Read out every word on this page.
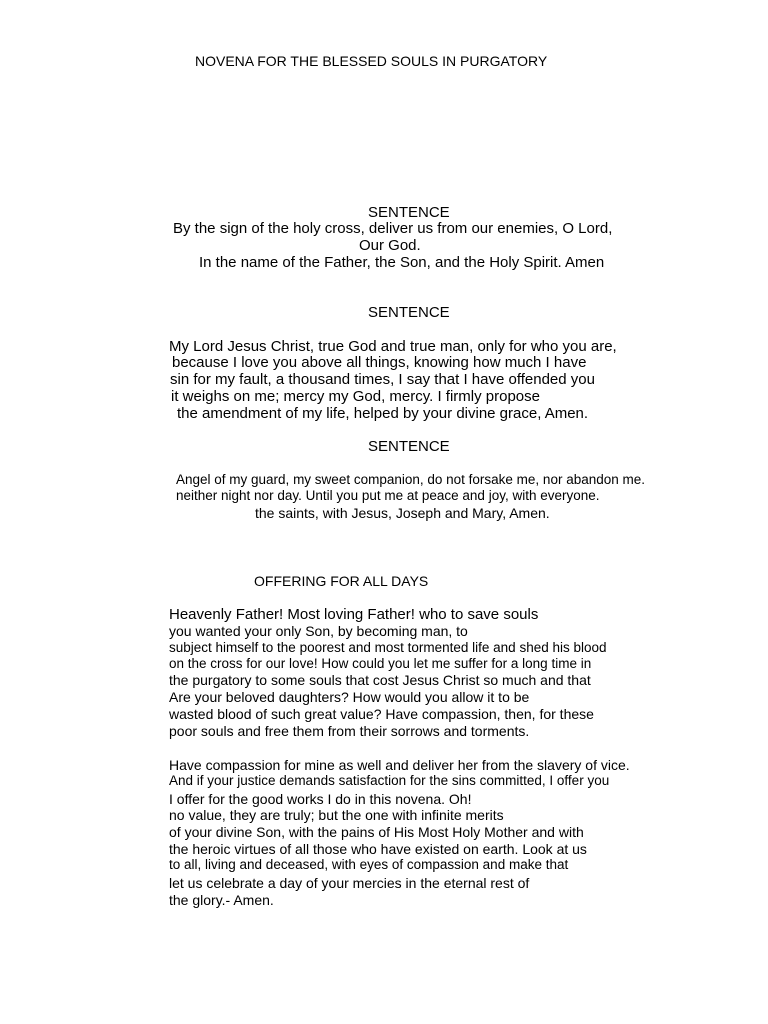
NOVENA FOR THE BLESSED SOULS IN PURGATORY
SENTENCE
By the sign of the holy cross, deliver us from our enemies, O Lord,
Our God.
In the name of the Father, the Son, and the Holy Spirit. Amen
SENTENCE
My Lord Jesus Christ, true God and true man, only for who you are,
because I love you above all things, knowing how much I have
sin for my fault, a thousand times, I say that I have offended you
it weighs on me; mercy my God, mercy. I firmly propose
the amendment of my life, helped by your divine grace, Amen.
SENTENCE
Angel of my guard, my sweet companion, do not forsake me, nor abandon me.
neither night nor day. Until you put me at peace and joy, with everyone.
the saints, with Jesus, Joseph and Mary, Amen.
OFFERING FOR ALL DAYS
Heavenly Father! Most loving Father! who to save souls
you wanted your only Son, by becoming man, to
subject himself to the poorest and most tormented life and shed his blood
on the cross for our love! How could you let me suffer for a long time in
the purgatory to some souls that cost Jesus Christ so much and that
Are your beloved daughters? How would you allow it to be
wasted blood of such great value? Have compassion, then, for these
poor souls and free them from their sorrows and torments.
Have compassion for mine as well and deliver her from the slavery of vice.
And if your justice demands satisfaction for the sins committed, I offer you
I offer for the good works I do in this novena. Oh!
no value, they are truly; but the one with infinite merits
of your divine Son, with the pains of His Most Holy Mother and with
the heroic virtues of all those who have existed on earth. Look at us
to all, living and deceased, with eyes of compassion and make that
let us celebrate a day of your mercies in the eternal rest of
the glory.- Amen.
